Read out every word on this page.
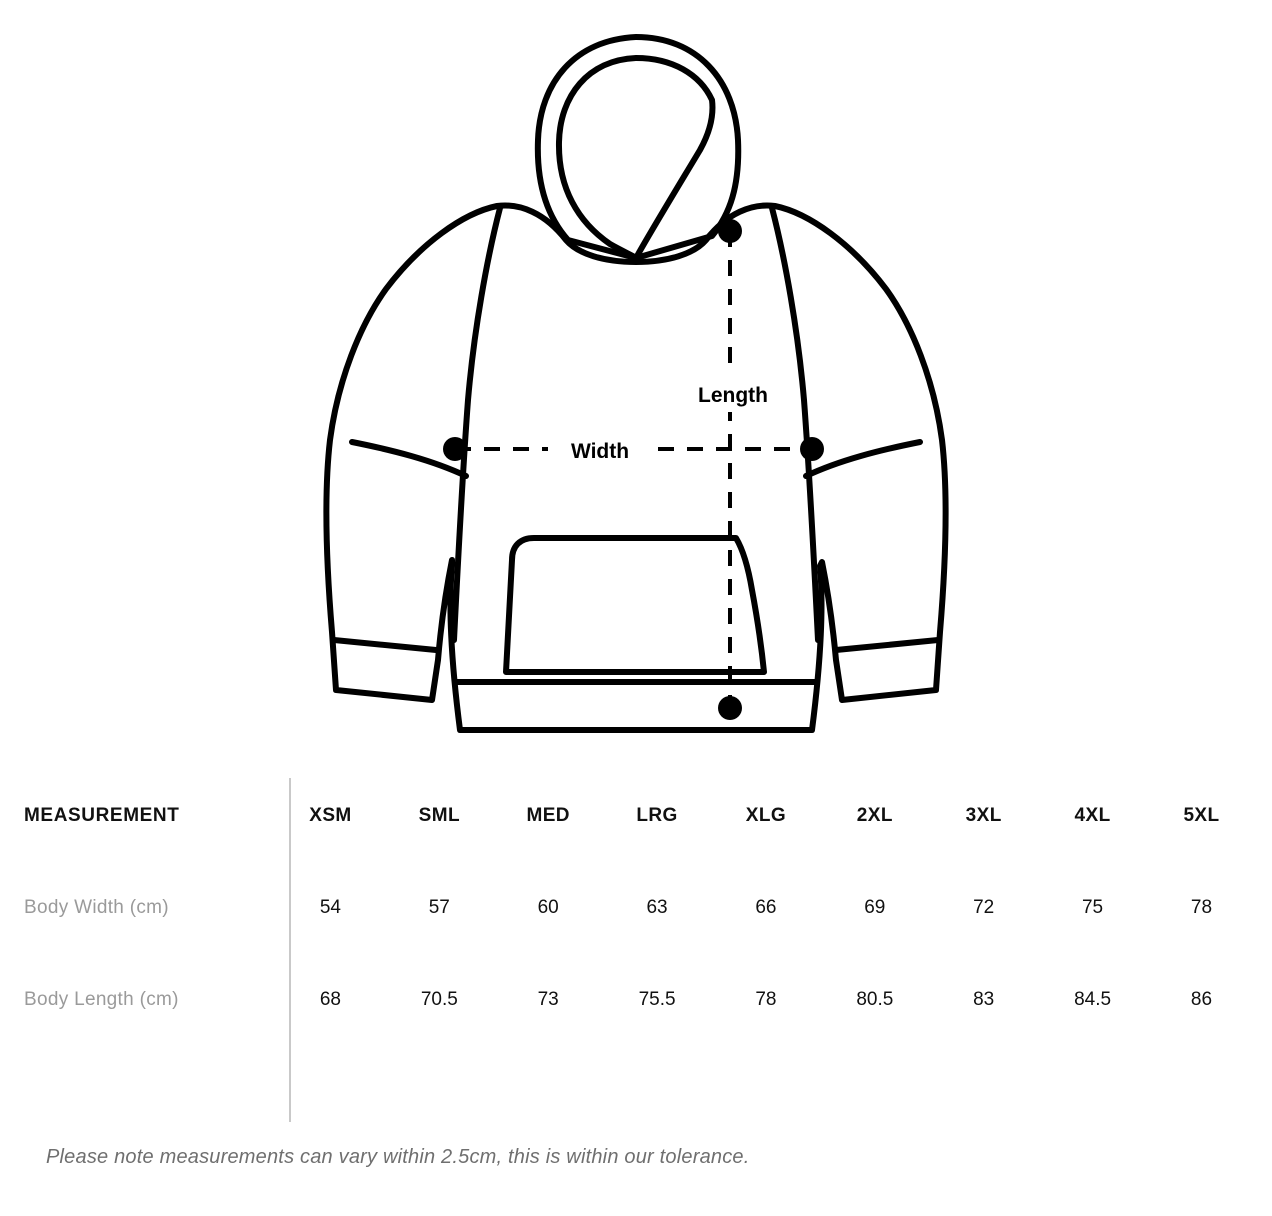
Length
Width
MEASUREMENT	XSM	SML	MED	LRG	XLG	2XL	3XL	4XL	5XL
Body Width (cm)	54	57	60	63	66	69	72	75	78
Body Length (cm)	68	70.5	73	75.5	78	80.5	83	84.5	86
Please note measurements can vary within 2.5cm, this is within our tolerance.
